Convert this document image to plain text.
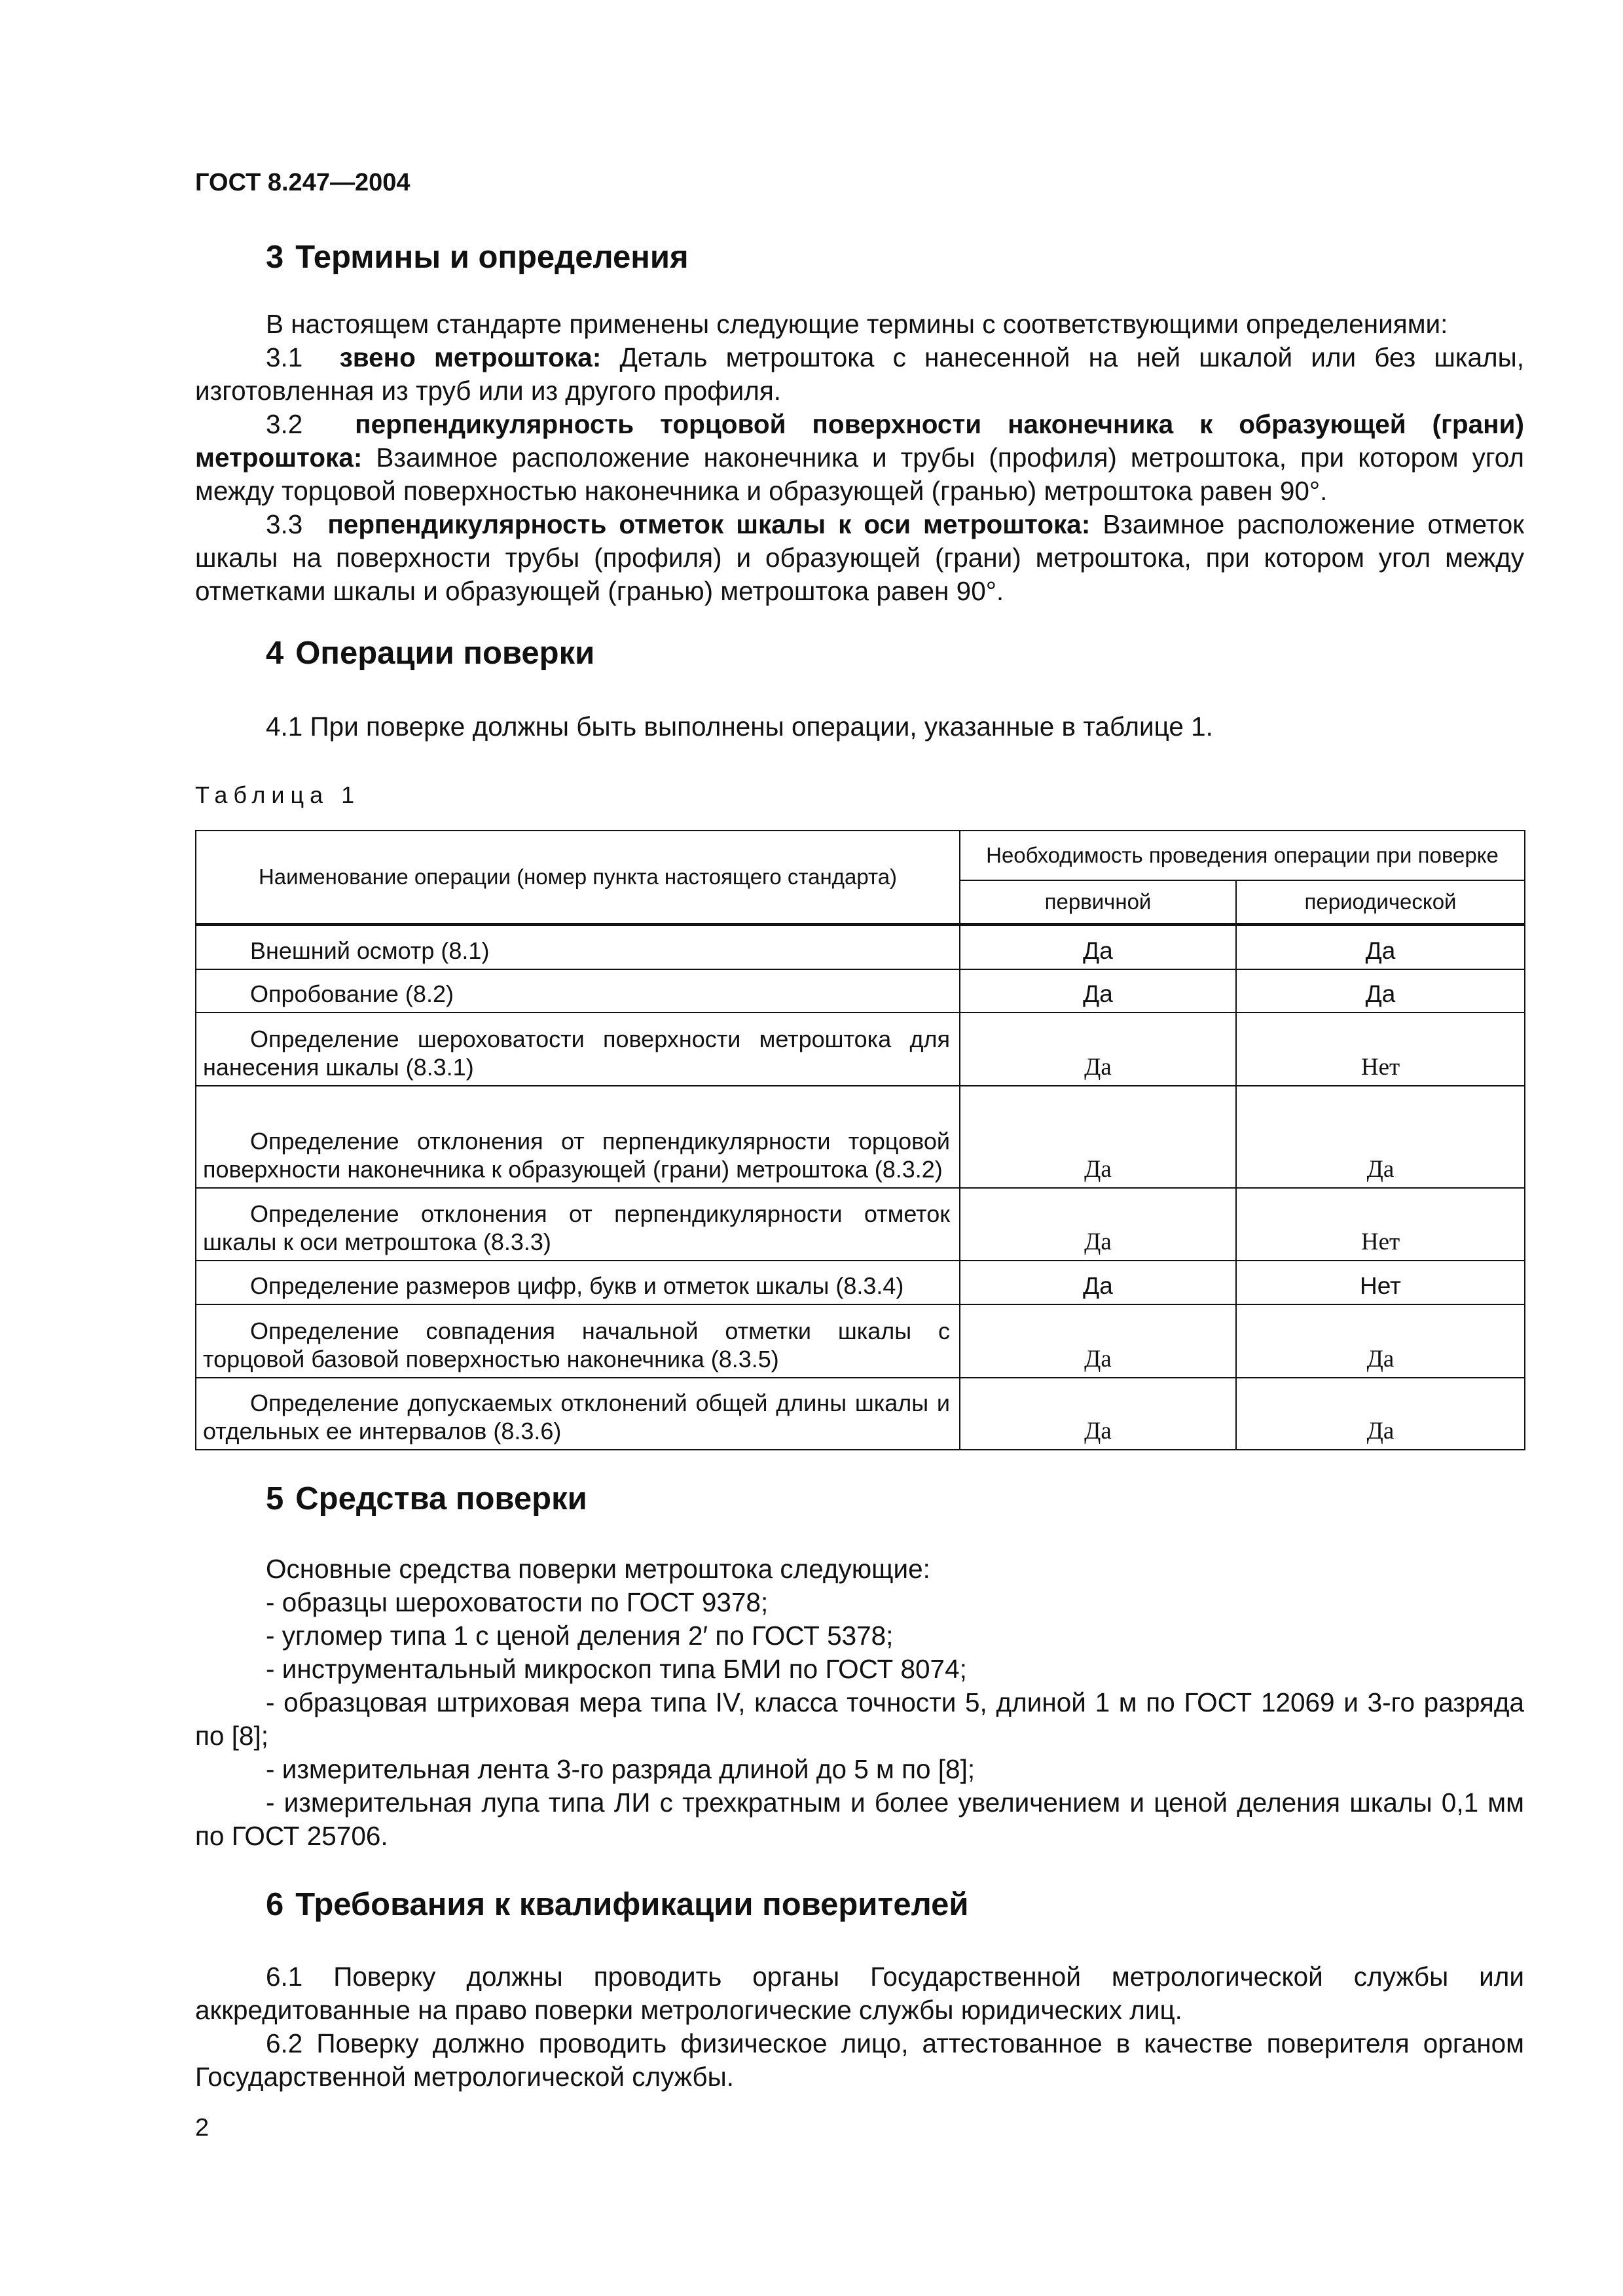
ГОСТ 8.247—2004
3 Термины и определения
В настоящем стандарте применены следующие термины с соответствующими определениями:
3.1 звено метроштока: Деталь метроштока с нанесенной на ней шкалой или без шкалы, изготовленная из труб или из другого профиля.
3.2 перпендикулярность торцовой поверхности наконечника к образующей (грани) метроштока: Взаимное расположение наконечника и трубы (профиля) метроштока, при котором угол между торцовой поверхностью наконечника и образующей (гранью) метроштока равен 90°.
3.3 перпендикулярность отметок шкалы к оси метроштока: Взаимное расположение отметок шкалы на поверхности трубы (профиля) и образующей (грани) метроштока, при котором угол между отметками шкалы и образующей (гранью) метроштока равен 90°.
4 Операции поверки
4.1 При поверке должны быть выполнены операции, указанные в таблице 1.
Таблица 1
Наименование операции (номер пункта настоящего стандарта)	Необходимость проведения операции при поверке	
	первичной	периодической
Внешний осмотр (8.1)	Да	Да
Опробование (8.2)	Да	Да
Определение шероховатости поверхности метроштока для нанесения шкалы (8.3.1)	Да	Нет
Определение отклонения от перпендикулярности торцовой поверхности наконечника к образующей (грани) метроштока (8.3.2)	Да	Да
Определение отклонения от перпендикулярности отметок шкалы к оси метроштока (8.3.3)	Да	Нет
Определение размеров цифр, букв и отметок шкалы (8.3.4)	Да	Нет
Определение совпадения начальной отметки шкалы с торцовой базовой поверхностью наконечника (8.3.5)	Да	Да
Определение допускаемых отклонений общей длины шкалы и отдельных ее интервалов (8.3.6)	Да	Да
5 Средства поверки
Основные средства поверки метроштока следующие:
- образцы шероховатости по ГОСТ 9378;
- угломер типа 1 с ценой деления 2′ по ГОСТ 5378;
- инструментальный микроскоп типа БМИ по ГОСТ 8074;
- образцовая штриховая мера типа IV, класса точности 5, длиной 1 м по ГОСТ 12069 и 3-го разряда по [8];
- измерительная лента 3-го разряда длиной до 5 м по [8];
- измерительная лупа типа ЛИ с трехкратным и более увеличением и ценой деления шкалы 0,1 мм по ГОСТ 25706.
6 Требования к квалификации поверителей
6.1 Поверку должны проводить органы Государственной метрологической службы или аккредитованные на право поверки метрологические службы юридических лиц.
6.2 Поверку должно проводить физическое лицо, аттестованное в качестве поверителя органом Государственной метрологической службы.
2
